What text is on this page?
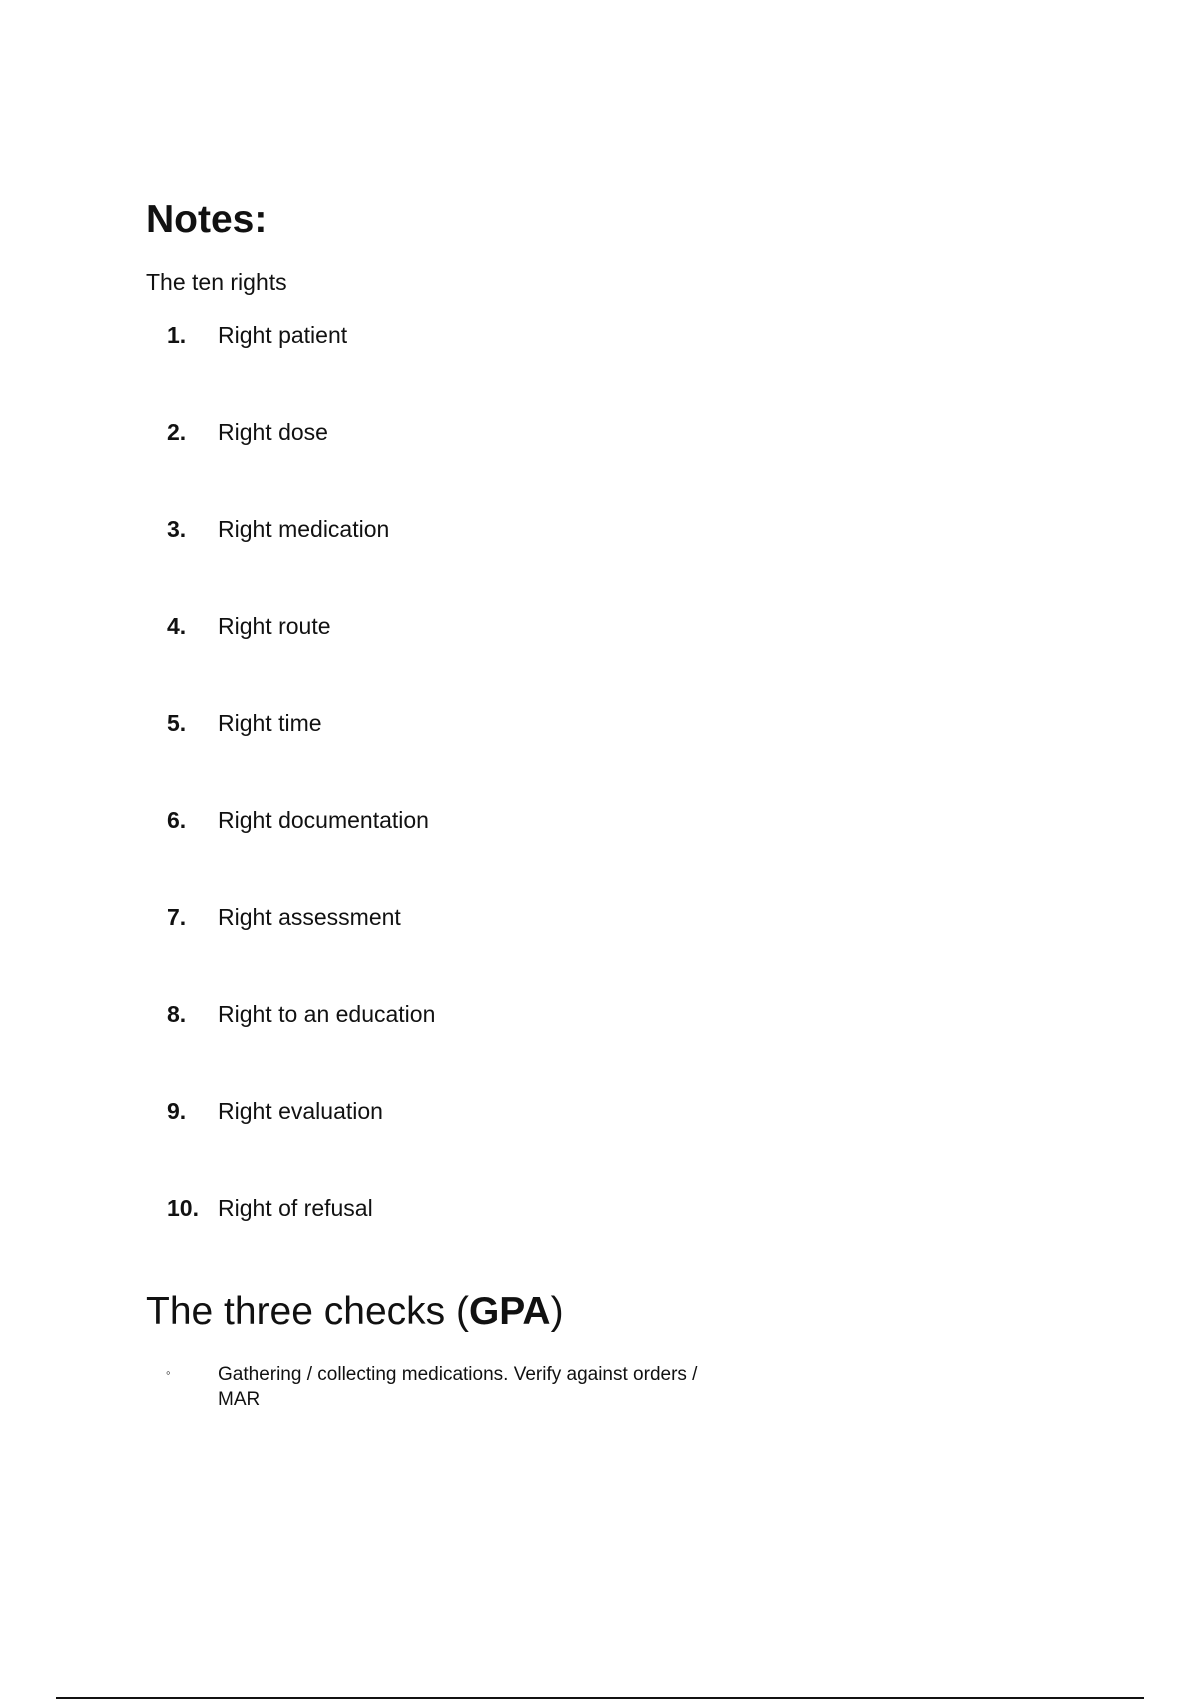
Notes:
The ten rights
1. Right patient
2. Right dose
3. Right medication
4. Right route
5. Right time
6. Right documentation
7. Right assessment
8. Right to an education
9. Right evaluation
10. Right of refusal
The three checks (GPA)
◦ Gathering / collecting medications. Verify against orders / MAR
